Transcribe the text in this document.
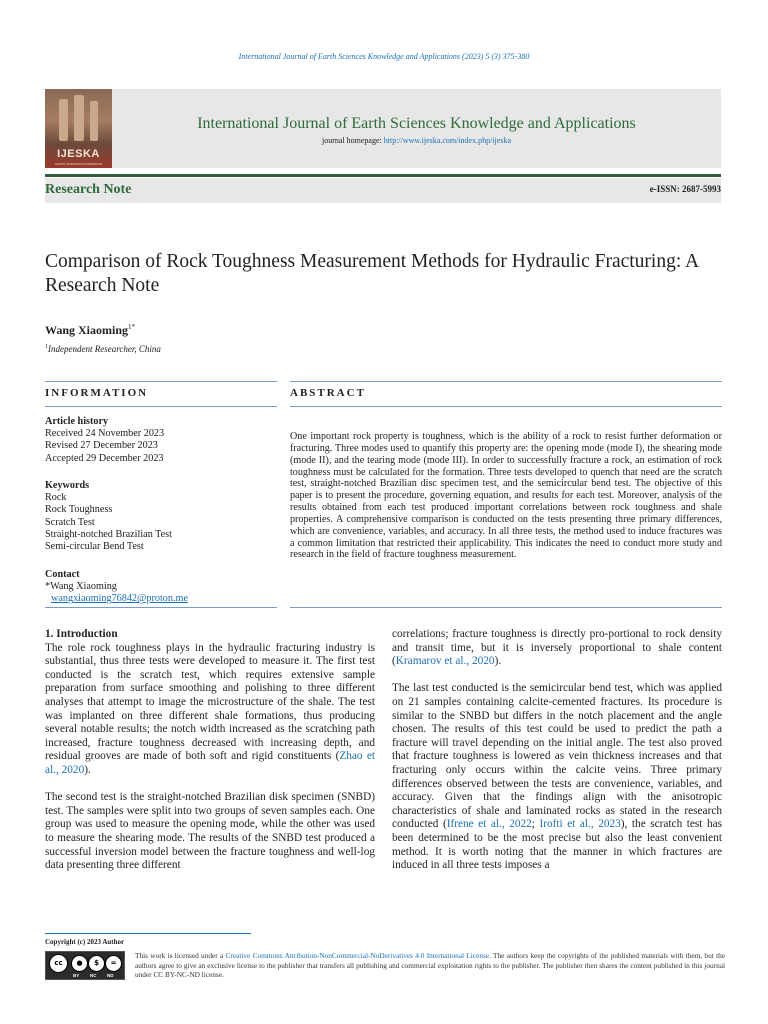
International Journal of Earth Sciences Knowledge and Applications (2023) 5 (3) 375-380
IJESKA
EARTH SCIENCES KNOWLEDGE
International Journal of Earth Sciences Knowledge and Applications
journal homepage: http://www.ijeska.com/index.php/ijeska
Research Note	e-ISSN: 2687-5993
Comparison of Rock Toughness Measurement Methods for Hydraulic Fracturing: A Research Note
Wang Xiaoming$^{1*}$
$^1$Independent Researcher, China
INFORMATION	ABSTRACT
Article history
Received 24 November 2023
Revised 27 December 2023
Accepted 29 December 2023
Keywords
Rock
Rock Toughness
Scratch Test
Straight-notched Brazilian Test
Semi-circular Bend Test
Contact
*Wang Xiaoming
wangxiaoming76842@proton.me
One important rock property is toughness, which is the ability of a rock to resist further deformation or fracturing. Three modes used to quantify this property are: the opening mode (mode I), the shearing mode (mode II), and the tearing mode (mode III). In order to successfully fracture a rock, an estimation of rock toughness must be calculated for the formation. Three tests developed to quench that need are the scratch test, straight-notched Brazilian disc specimen test, and the semicircular bend test. The objective of this paper is to present the procedure, governing equation, and results for each test. Moreover, analysis of the results obtained from each test produced important correlations between rock toughness and shale properties. A comprehensive comparison is conducted on the tests presenting three primary differences, which are convenience, variables, and accuracy. In all three tests, the method used to induce fractures was a common limitation that restricted their applicability. This indicates the need to conduct more study and research in the field of fracture toughness measurement.
1. Introduction

The role rock toughness plays in the hydraulic fracturing industry is substantial, thus three tests were developed to measure it. The first test conducted is the scratch test, which requires extensive sample preparation from surface smoothing and polishing to three different analyses that attempt to image the microstructure of the shale. The test was implanted on three different shale formations, thus producing several notable results; the notch width increased as the scratching path increased, fracture toughness decreased with increasing depth, and residual grooves are made of both soft and rigid constituents (Zhao et al., 2020).

The second test is the straight-notched Brazilian disk specimen (SNBD) test. The samples were split into two groups of seven samples each. One group was used to measure the opening mode, while the other was used to measure the shearing mode. The results of the SNBD test produced a successful inversion model between the fracture toughness and well-log data presenting three different

correlations; fracture toughness is directly pro-portional to rock density and transit time, but it is inversely proportional to shale content (Kramarov et al., 2020).

The last test conducted is the semicircular bend test, which was applied on 21 samples containing calcite-cemented fractures. Its procedure is similar to the SNBD but differs in the notch placement and the angle chosen. The results of this test could be used to predict the path a fracture will travel depending on the initial angle. The test also proved that fracture toughness is lowered as vein thickness increases and that fracturing only occurs within the calcite veins. Three primary differences observed between the tests are convenience, variables, and accuracy. Given that the findings align with the anisotropic characteristics of shale and laminated rocks as stated in the research conducted (Ifrene et al., 2022; Irofti et al., 2023), the scratch test has been determined to be the most precise but also the least convenient method. It is worth noting that the manner in which fractures are induced in all three tests imposes a

Copyright (c) 2023 Author
cc	●	$	=
BY NC ND
This work is licensed under a Creative Commons Attribution-NonCommercial-NoDerivatives 4.0 International License. The authors keep the copyrights of the published materials with them, but the authors agree to give an exclusive license to the publisher that transfers all publishing and commercial exploitation rights to the publisher. The publisher then shares the content published in this journal under CC BY-NC-ND license.
